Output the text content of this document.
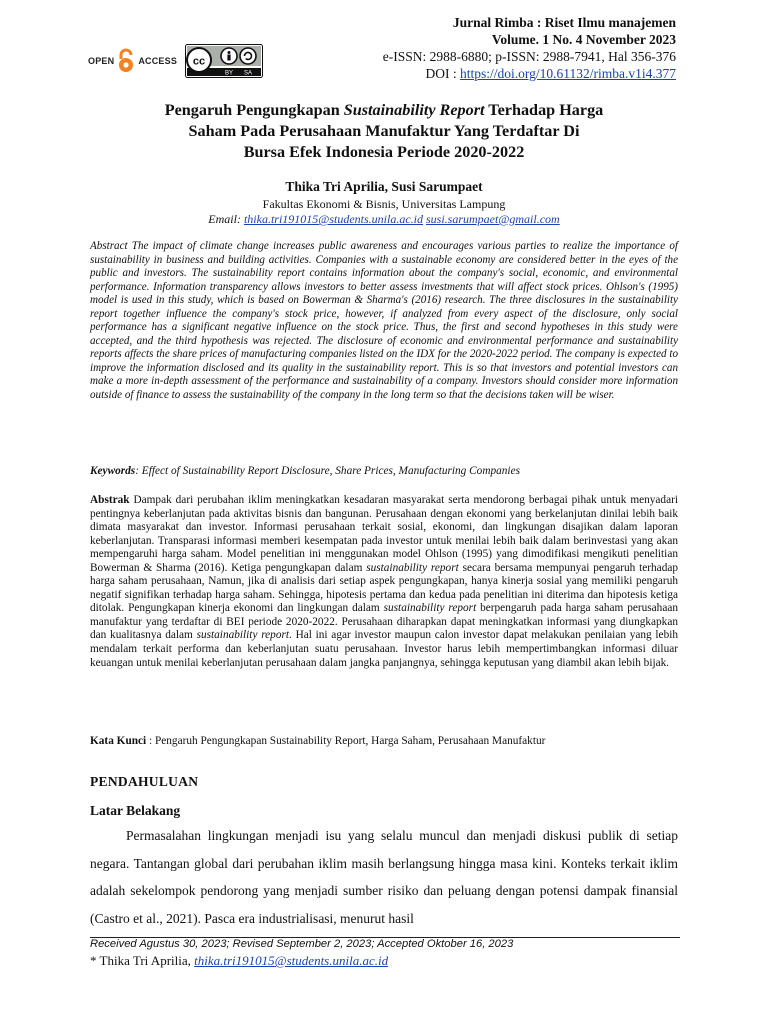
OPEN	ACCESS cc
BY SA
Jurnal Rimba : Riset Ilmu manajemen
Volume. 1 No. 4 November 2023
e-ISSN: 2988-6880; p-ISSN: 2988-7941, Hal 356-376
DOI : https://doi.org/10.61132/rimba.v1i4.377
Pengaruh Pengungkapan Sustainability Report Terhadap Harga
Saham Pada Perusahaan Manufaktur Yang Terdaftar Di
Bursa Efek Indonesia Periode 2020-2022
Thika Tri Aprilia, Susi Sarumpaet
Fakultas Ekonomi & Bisnis, Universitas Lampung
Email: thika.tri191015@students.unila.ac.id susi.sarumpaet@gmail.com
Abstract The impact of climate change increases public awareness and encourages various parties to realize the importance of sustainability in business and building activities. Companies with a sustainable economy are considered better in the eyes of the public and investors. The sustainability report contains information about the company's social, economic, and environmental performance. Information transparency allows investors to better assess investments that will affect stock prices. Ohlson's (1995) model is used in this study, which is based on Bowerman & Sharma's (2016) research. The three disclosures in the sustainability report together influence the company's stock price, however, if analyzed from every aspect of the disclosure, only social performance has a significant negative influence on the stock price. Thus, the first and second hypotheses in this study were accepted, and the third hypothesis was rejected. The disclosure of economic and environmental performance and sustainability reports affects the share prices of manufacturing companies listed on the IDX for the 2020-2022 period. The company is expected to improve the information disclosed and its quality in the sustainability report. This is so that investors and potential investors can make a more in-depth assessment of the performance and sustainability of a company. Investors should consider more information outside of finance to assess the sustainability of the company in the long term so that the decisions taken will be wiser.
Keywords: Effect of Sustainability Report Disclosure, Share Prices, Manufacturing Companies
Abstrak Dampak dari perubahan iklim meningkatkan kesadaran masyarakat serta mendorong berbagai pihak untuk menyadari pentingnya keberlanjutan pada aktivitas bisnis dan bangunan. Perusahaan dengan ekonomi yang berkelanjutan dinilai lebih baik dimata masyarakat dan investor. Informasi perusahaan terkait sosial, ekonomi, dan lingkungan disajikan dalam laporan keberlanjutan. Transparasi informasi memberi kesempatan pada investor untuk menilai lebih baik dalam berinvestasi yang akan mempengaruhi harga saham. Model penelitian ini menggunakan model Ohlson (1995) yang dimodifikasi mengikuti penelitian Bowerman & Sharma (2016). Ketiga pengungkapan dalam sustainability report secara bersama mempunyai pengaruh terhadap harga saham perusahaan, Namun, jika di analisis dari setiap aspek pengungkapan, hanya kinerja sosial yang memiliki pengaruh negatif signifikan terhadap harga saham. Sehingga, hipotesis pertama dan kedua pada penelitian ini diterima dan hipotesis ketiga ditolak. Pengungkapan kinerja ekonomi dan lingkungan dalam sustainability report berpengaruh pada harga saham perusahaan manufaktur yang terdaftar di BEI periode 2020-2022. Perusahaan diharapkan dapat meningkatkan informasi yang diungkapkan dan kualitasnya dalam sustainability report. Hal ini agar investor maupun calon investor dapat melakukan penilaian yang lebih mendalam terkait performa dan keberlanjutan suatu perusahaan. Investor harus lebih mempertimbangkan informasi diluar keuangan untuk menilai keberlanjutan perusahaan dalam jangka panjangnya, sehingga keputusan yang diambil akan lebih bijak.
Kata Kunci : Pengaruh Pengungkapan Sustainability Report, Harga Saham, Perusahaan Manufaktur
PENDAHULUAN
Latar Belakang
Permasalahan lingkungan menjadi isu yang selalu muncul dan menjadi diskusi publik di setiap negara. Tantangan global dari perubahan iklim masih berlangsung hingga masa kini. Konteks terkait iklim adalah sekelompok pendorong yang menjadi sumber risiko dan peluang dengan potensi dampak finansial (Castro et al., 2021). Pasca era industrialisasi, menurut hasil
Received Agustus 30, 2023; Revised September 2, 2023; Accepted Oktober 16, 2023
* Thika Tri Aprilia, thika.tri191015@students.unila.ac.id
